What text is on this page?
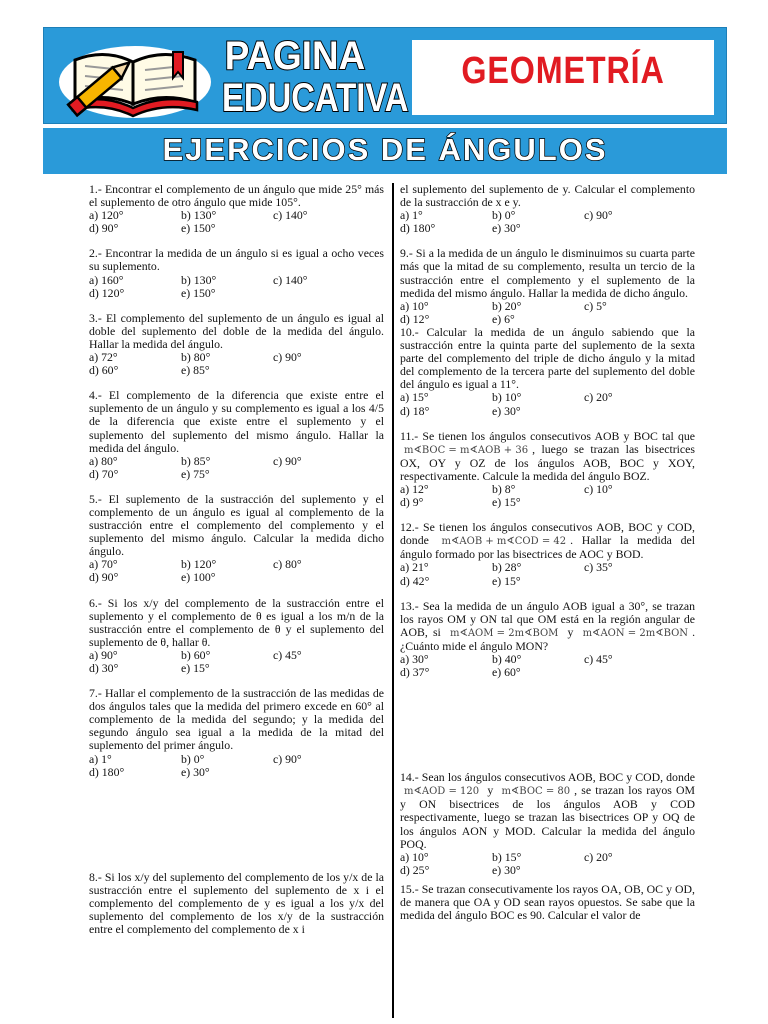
PAGINA
EDUCATIVA
GEOMETRÍA
EJERCICIOS DE ÁNGULOS

1.- Encontrar el complemento de un ángulo que mide 25° más el suplemento de otro ángulo que mide 105°.

a) 120°	b) 130°	c) 140°
d) 90°	e) 150°

2.- Encontrar la medida de un ángulo si es igual a ocho veces su suplemento.

a) 160°	b) 130°	c) 140°
d) 120°	e) 150°

3.- El complemento del suplemento de un ángulo es igual al doble del suplemento del doble de la medida del ángulo. Hallar la medida del ángulo.

a) 72°	b) 80°	c) 90°
d) 60°	e) 85°

4.- El complemento de la diferencia que existe entre el suplemento de un ángulo y su complemento es igual a los 4/5 de la diferencia que existe entre el suplemento y el suplemento del suplemento del mismo ángulo. Hallar la medida del ángulo.

a) 80°	b) 85°	c) 90°
d) 70°	e) 75°

5.- El suplemento de la sustracción del suplemento y el complemento de un ángulo es igual al complemento de la sustracción entre el complemento del complemento y el suplemento del mismo ángulo. Calcular la medida dicho ángulo.

a) 70°	b) 120°	c) 80°
d) 90°	e) 100°

6.- Si los x/y del complemento de la sustracción entre el suplemento y el complemento de θ es igual a los m/n de la sustracción entre el complemento de θ y el suplemento del suplemento de θ, hallar θ.

a) 90°	b) 60°	c) 45°
d) 30°	e) 15°

7.- Hallar el complemento de la sustracción de las medidas de dos ángulos tales que la medida del primero excede en 60° al complemento de la medida del segundo; y la medida del segundo ángulo sea igual a la medida de la mitad del suplemento del primer ángulo.

a) 1°	b) 0°	c) 90°
d) 180°	e) 30°

8.- Si los x/y del suplemento del complemento de los y/x de la sustracción entre el suplemento del suplemento de x i el complemento del complemento de y es igual a los y/x del suplemento del complemento de los x/y de la sustracción entre el complemento del complemento de x i

el suplemento del suplemento de y. Calcular el complemento de la sustracción de x e y.

a) 1°	b) 0°	c) 90°
d) 180°	e) 30°

9.- Si a la medida de un ángulo le disminuimos su cuarta parte más que la mitad de su complemento, resulta un tercio de la sustracción entre el complemento y el suplemento de la medida del mismo ángulo. Hallar la medida de dicho ángulo.

a) 10°	b) 20°	c) 5°
d) 12°	e) 6°

10.- Calcular la medida de un ángulo sabiendo que la sustracción entre la quinta parte del suplemento de la sexta parte del complemento del triple de dicho ángulo y la mitad del complemento de la tercera parte del suplemento del doble del ángulo es igual a 11°.

a) 15°	b) 10°	c) 20°
d) 18°	e) 30°

11.- Se tienen los ángulos consecutivos AOB y BOC tal que m∢BOC = m∢AOB + 36 , luego se trazan las bisectrices OX, OY y OZ de los ángulos AOB, BOC y XOY, respectivamente. Calcule la medida del ángulo BOZ.

a) 12°	b) 8°	c) 10°
d) 9°	e) 15°

12.- Se tienen los ángulos consecutivos AOB, BOC y COD, donde m∢AOB + m∢COD = 42 . Hallar la medida del ángulo formado por las bisectrices de AOC y BOD.

a) 21°	b) 28°	c) 35°
d) 42°	e) 15°

13.- Sea la medida de un ángulo AOB igual a 30°, se trazan los rayos OM y ON tal que OM está en la región angular de AOB, si m∢AOM = 2m∢BOM y m∢AON = 2m∢BON . ¿Cuánto mide el ángulo MON?

a) 30°	b) 40°	c) 45°
d) 37°	e) 60°

14.- Sean los ángulos consecutivos AOB, BOC y COD, donde m∢AOD = 120 y m∢BOC = 80 , se trazan los rayos OM y ON bisectrices de los ángulos AOB y COD respectivamente, luego se trazan las bisectrices OP y OQ de los ángulos AON y MOD. Calcular la medida del ángulo POQ.

a) 10°	b) 15°	c) 20°
d) 25°	e) 30°

15.- Se trazan consecutivamente los rayos OA, OB, OC y OD, de manera que OA y OD sean rayos opuestos. Se sabe que la medida del ángulo BOC es 90. Calcular el valor de
